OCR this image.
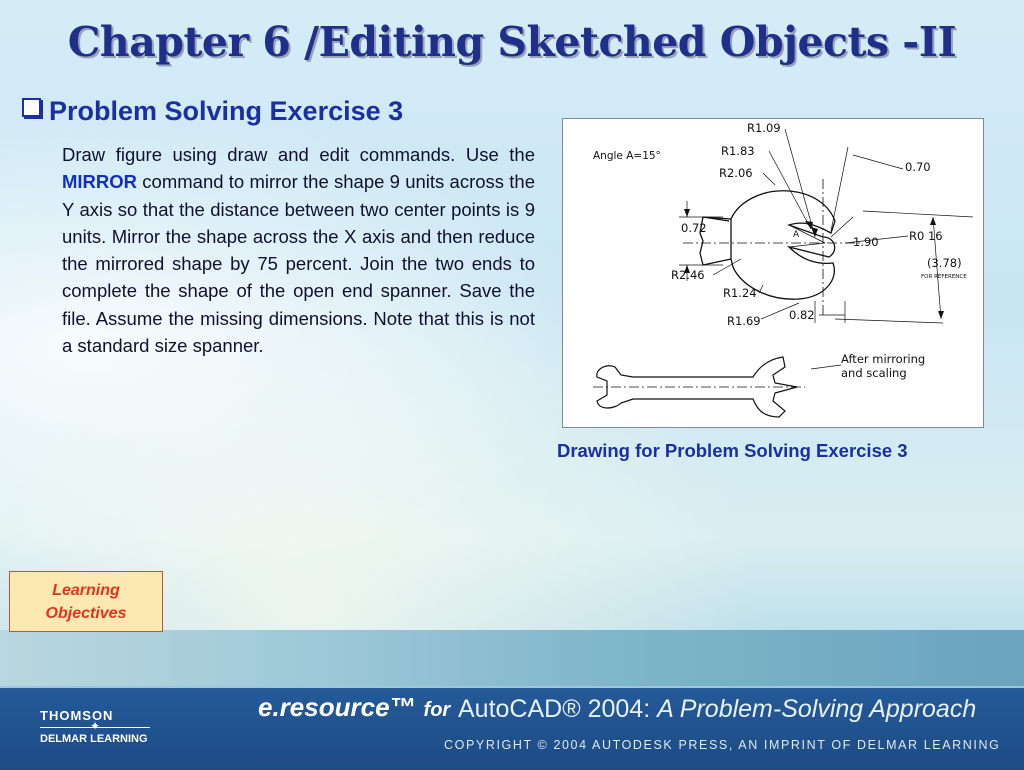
Chapter 6 /Editing Sketched Objects -II
Problem Solving Exercise 3
Draw figure using draw and edit commands. Use the MIRROR command to mirror the shape 9 units across the Y axis so that the distance between two center points is 9 units. Mirror the shape across the X axis and then reduce the mirrored shape by 75 percent. Join the two ends to complete the shape of the open end spanner. Save the file. Assume the missing dimensions. Note that this is not a standard size spanner.
R1.09
Angle A=15°	R1.83
0.70
R2.06
0.72	A	1.90	R0 16
(3.78)
FOR REFERENCE
R2.46
R1.24
0.82
R1.69
After mirroring
and scaling
Drawing for Problem Solving Exercise 3
Learning
Objectives
THOMSON
✦
DELMAR LEARNING
e.resource™ for AutoCAD® 2004: A Problem-Solving Approach
COPYRIGHT © 2004 AUTODESK PRESS, AN IMPRINT OF DELMAR LEARNING
